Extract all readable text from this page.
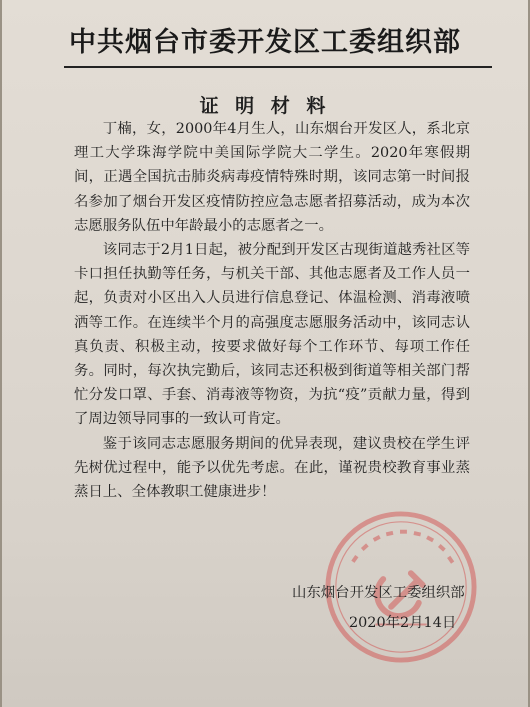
中共烟台市委开发区工委组织部
证 明 材 料

丁楠，女，2000年4月生人，山东烟台开发区人，系北京理工大学珠海学院中美国际学院大二学生。2020年寒假期间，正遇全国抗击肺炎病毒疫情特殊时期，该同志第一时间报名参加了烟台开发区疫情防控应急志愿者招募活动，成为本次志愿服务队伍中年龄最小的志愿者之一。

该同志于2月1日起，被分配到开发区古现街道越秀社区等卡口担任执勤等任务，与机关干部、其他志愿者及工作人员一起，负责对小区出入人员进行信息登记、体温检测、消毒液喷洒等工作。在连续半个月的高强度志愿服务活动中，该同志认真负责、积极主动，按要求做好每个工作环节、每项工作任务。同时，每次执完勤后，该同志还积极到街道等相关部门帮忙分发口罩、手套、消毒液等物资，为抗“疫”贡献力量，得到了周边领导同事的一致认可肯定。

鉴于该同志志愿服务期间的优异表现，建议贵校在学生评先树优过程中，能予以优先考虑。在此，谨祝贵校教育事业蒸蒸日上、全体教职工健康进步！

山东烟台开发区工委组织部
2020年2月14日
